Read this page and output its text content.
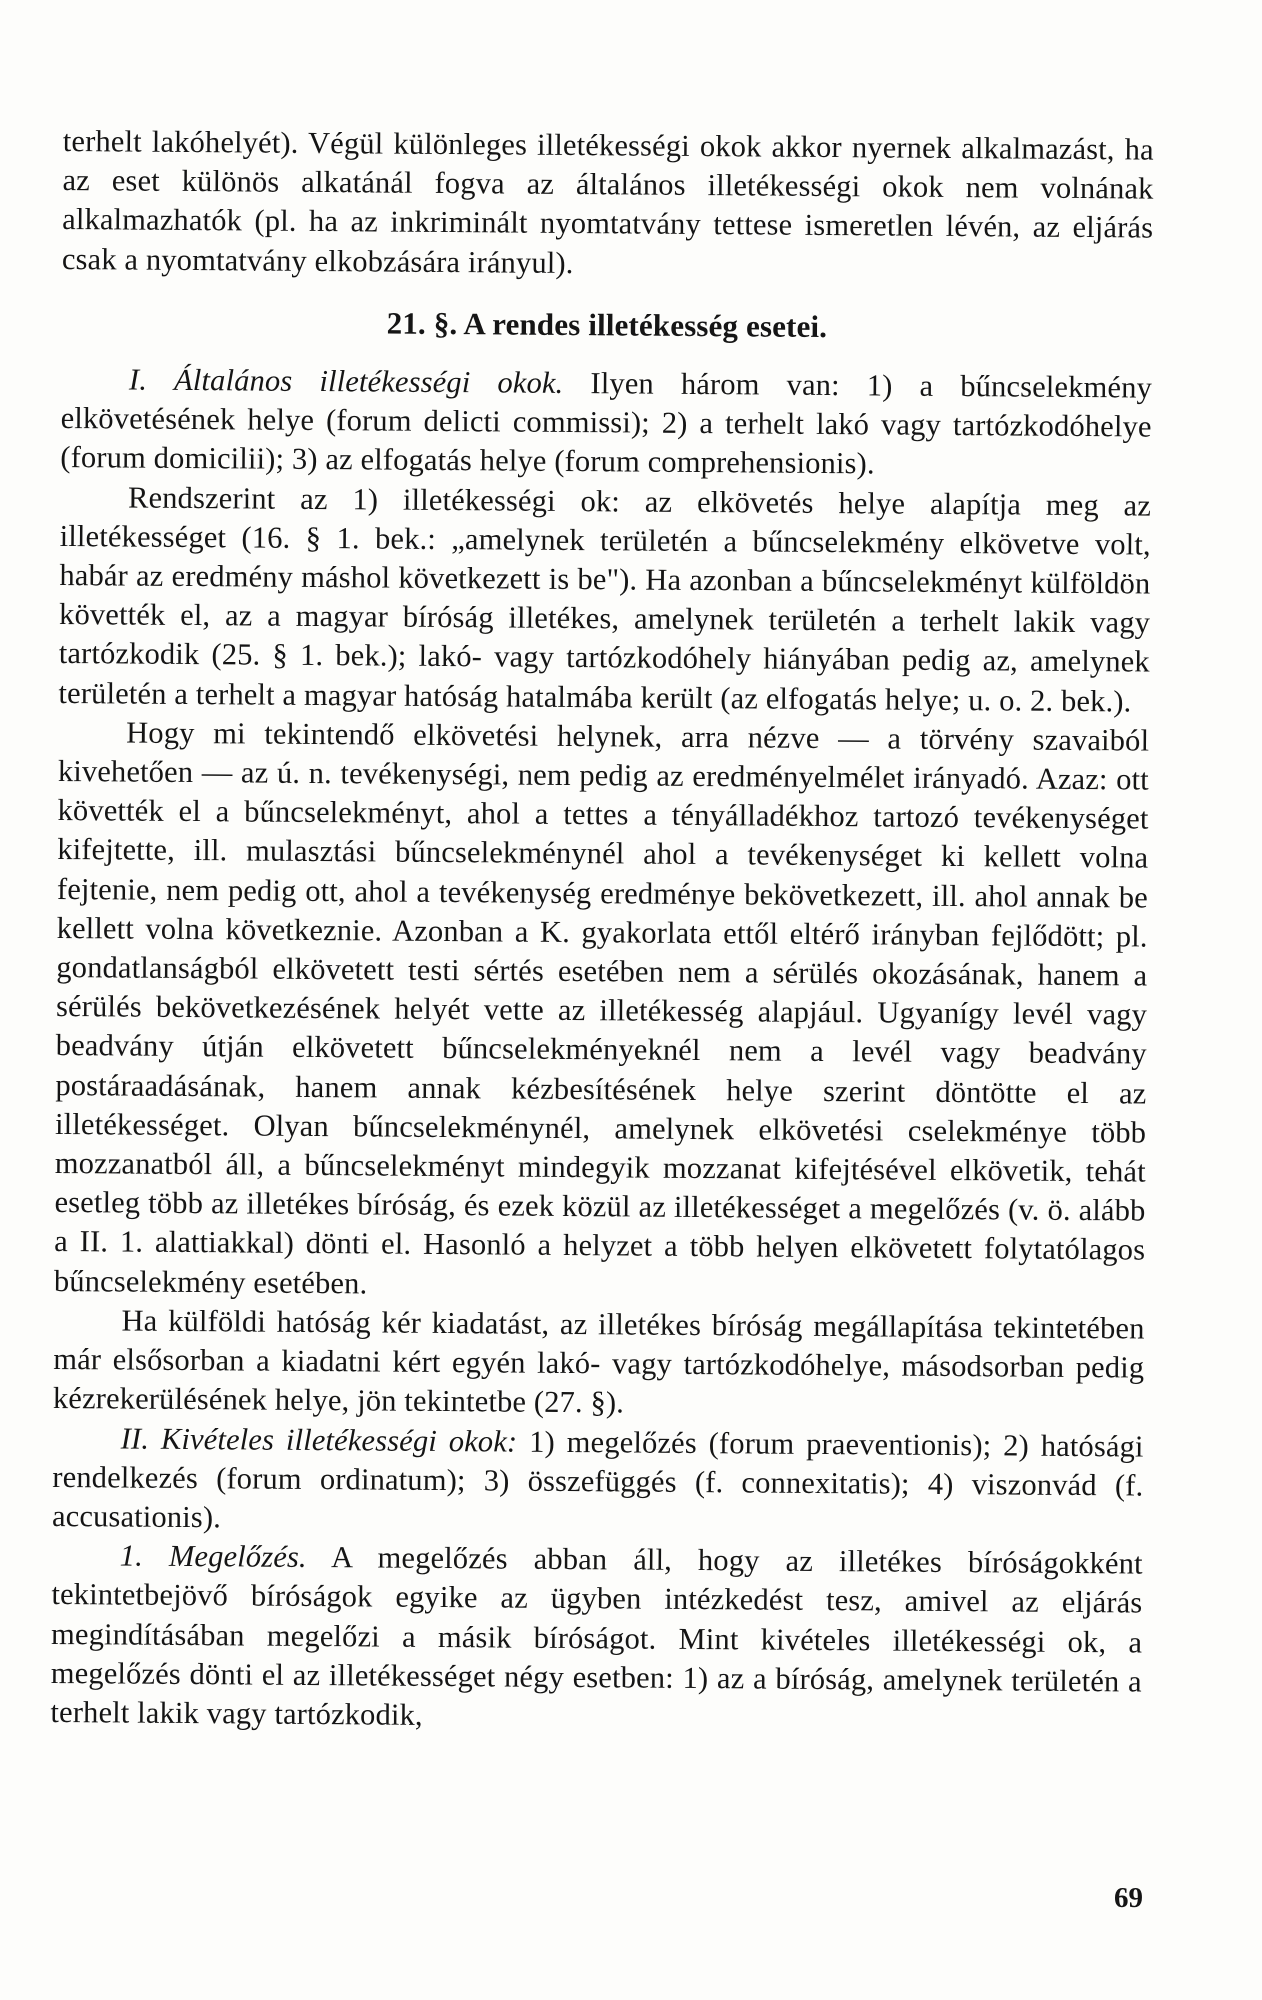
terhelt lakóhelyét). Végül különleges illetékességi okok akkor nyernek alkalmazást, ha az eset különös alkatánál fogva az általános illetékességi okok nem volnának alkalmazhatók (pl. ha az inkriminált nyomtatvány tettese ismeretlen lévén, az eljárás csak a nyomtatvány elkobzására irányul).

21. §. A rendes illetékesség esetei.

I. Általános illetékességi okok. Ilyen három van: 1) a bűncselekmény elkövetésének helye (forum delicti commissi); 2) a terhelt lakó vagy tartózkodóhelye (forum domicilii); 3) az elfogatás helye (forum comprehensionis).

Rendszerint az 1) illetékességi ok: az elkövetés helye alapítja meg az illetékességet (16. § 1. bek.: „amelynek területén a bűncselekmény elkövetve volt, habár az eredmény máshol következett is be"). Ha azonban a bűncselekményt külföldön követték el, az a magyar bíróság illetékes, amelynek területén a terhelt lakik vagy tartózkodik (25. § 1. bek.); lakó- vagy tartózkodóhely hiányában pedig az, amelynek területén a terhelt a magyar hatóság hatalmába került (az elfogatás helye; u. o. 2. bek.).

Hogy mi tekintendő elkövetési helynek, arra nézve — a törvény szavaiból kivehetően — az ú. n. tevékenységi, nem pedig az eredményelmélet irányadó. Azaz: ott követték el a bűncselekményt, ahol a tettes a tényálladékhoz tartozó tevékenységet kifejtette, ill. mulasztási bűncselekménynél ahol a tevékenységet ki kellett volna fejtenie, nem pedig ott, ahol a tevékenység eredménye bekövetkezett, ill. ahol annak be kellett volna következnie. Azonban a K. gyakorlata ettől eltérő irányban fejlődött; pl. gondatlanságból elkövetett testi sértés esetében nem a sérülés okozásának, hanem a sérülés bekövetkezésének helyét vette az illetékesség alapjául. Ugyanígy levél vagy beadvány útján elkövetett bűncselekményeknél nem a levél vagy beadvány postáraadásának, hanem annak kézbesítésének helye szerint döntötte el az illetékességet. Olyan bűncselekménynél, amelynek elkövetési cselekménye több mozzanatból áll, a bűncselekményt mindegyik mozzanat kifejtésével elkövetik, tehát esetleg több az illetékes bíróság, és ezek közül az illetékességet a megelőzés (v. ö. alább a II. 1. alattiakkal) dönti el. Hasonló a helyzet a több helyen elkövetett folytatólagos bűncselekmény esetében.

Ha külföldi hatóság kér kiadatást, az illetékes bíróság megállapítása tekintetében már elsősorban a kiadatni kért egyén lakó- vagy tartózkodóhelye, másodsorban pedig kézrekerülésének helye, jön tekintetbe (27. §).

II. Kivételes illetékességi okok: 1) megelőzés (forum praeventionis); 2) hatósági rendelkezés (forum ordinatum); 3) összefüggés (f. connexitatis); 4) viszonvád (f. accusationis).

1. Megelőzés. A megelőzés abban áll, hogy az illetékes bíróságokként tekintetbejövő bíróságok egyike az ügyben intézkedést tesz, amivel az eljárás megindításában megelőzi a másik bíróságot. Mint kivételes illetékességi ok, a megelőzés dönti el az illetékességet négy esetben: 1) az a bíróság, amelynek területén a terhelt lakik vagy tartózkodik,

69
